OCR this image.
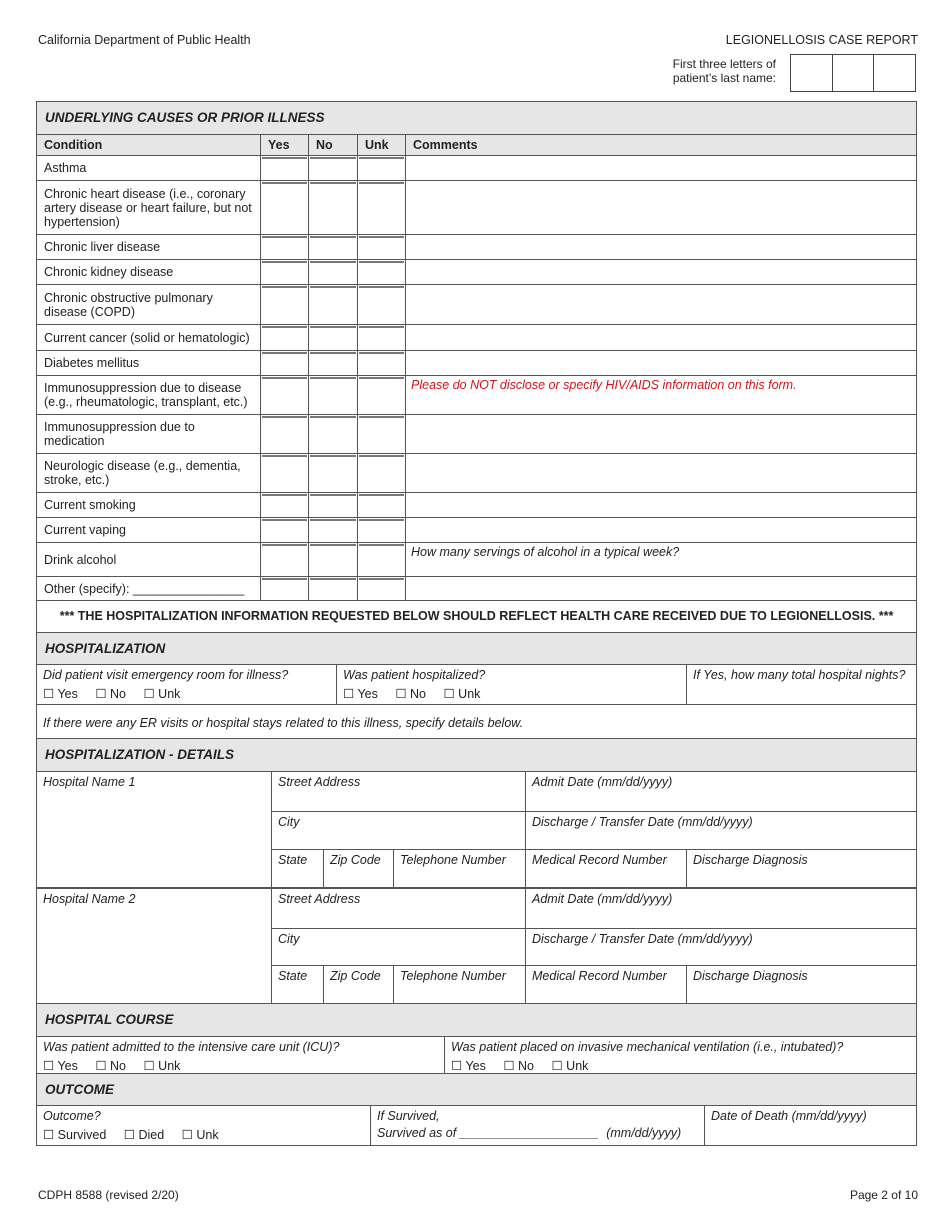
California Department of Public Health	LEGIONELLOSIS CASE REPORT
First three letters of
patient’s last name:
UNDERLYING CAUSES OR PRIOR ILLNESS				
Condition	Yes	No	Unk	Comments
Asthma	

Chronic heart disease (i.e., coronary artery disease or heart failure, but not hypertension)	

Chronic liver disease	

Chronic kidney disease	

Chronic obstructive pulmonary disease (COPD)	

Current cancer (solid or hematologic)	

Diabetes mellitus	

Immunosuppression due to disease (e.g., rheumatologic, transplant, etc.)				Please do NOT disclose or specify HIV/AIDS information on this form.
Immunosuppression due to medication	

Neurologic disease (e.g., dementia, stroke, etc.)	

Current smoking	

Current vaping	

Drink alcohol				How many servings of alcohol in a typical week?
Other (specify): ________________	

*** THE HOSPITALIZATION INFORMATION REQUESTED BELOW SHOULD REFLECT HEALTH CARE RECEIVED DUE TO LEGIONELLOSIS. ***				
HOSPITALIZATION

Did patient visit emergency room for illness?
☐ Yes ☐ No ☐ Unk

Was patient hospitalized?
☐ Yes ☐ No ☐ Unk

If Yes, how many total hospital nights?

If there were any ER visits or hospital stays related to this illness, specify details below.
HOSPITALIZATION - DETAILS					
Hospital Name 1	Street Address			Admit Date (mm/dd/yyyy)	
	City			Discharge / Transfer Date (mm/dd/yyyy)	
	State	Zip Code	Telephone Number	Medical Record Number	Discharge Diagnosis
Hospital Name 2	Street Address			Admit Date (mm/dd/yyyy)	
	City			Discharge / Transfer Date (mm/dd/yyyy)	
	State	Zip Code	Telephone Number	Medical Record Number	Discharge Diagnosis
HOSPITAL COURSE

Was patient admitted to the intensive care unit (ICU)?
☐ Yes ☐ No ☐ Unk

Was patient placed on invasive mechanical ventilation (i.e., intubated)?
☐ Yes ☐ No ☐ Unk
OUTCOME

Outcome?
☐ Survived ☐ Died ☐ Unk

If Survived,
Survived as of ____________________ (mm/dd/yyyy)
	Date of Death (mm/dd/yyyy)
CDPH 8588 (revised 2/20)	Page 2 of 10
